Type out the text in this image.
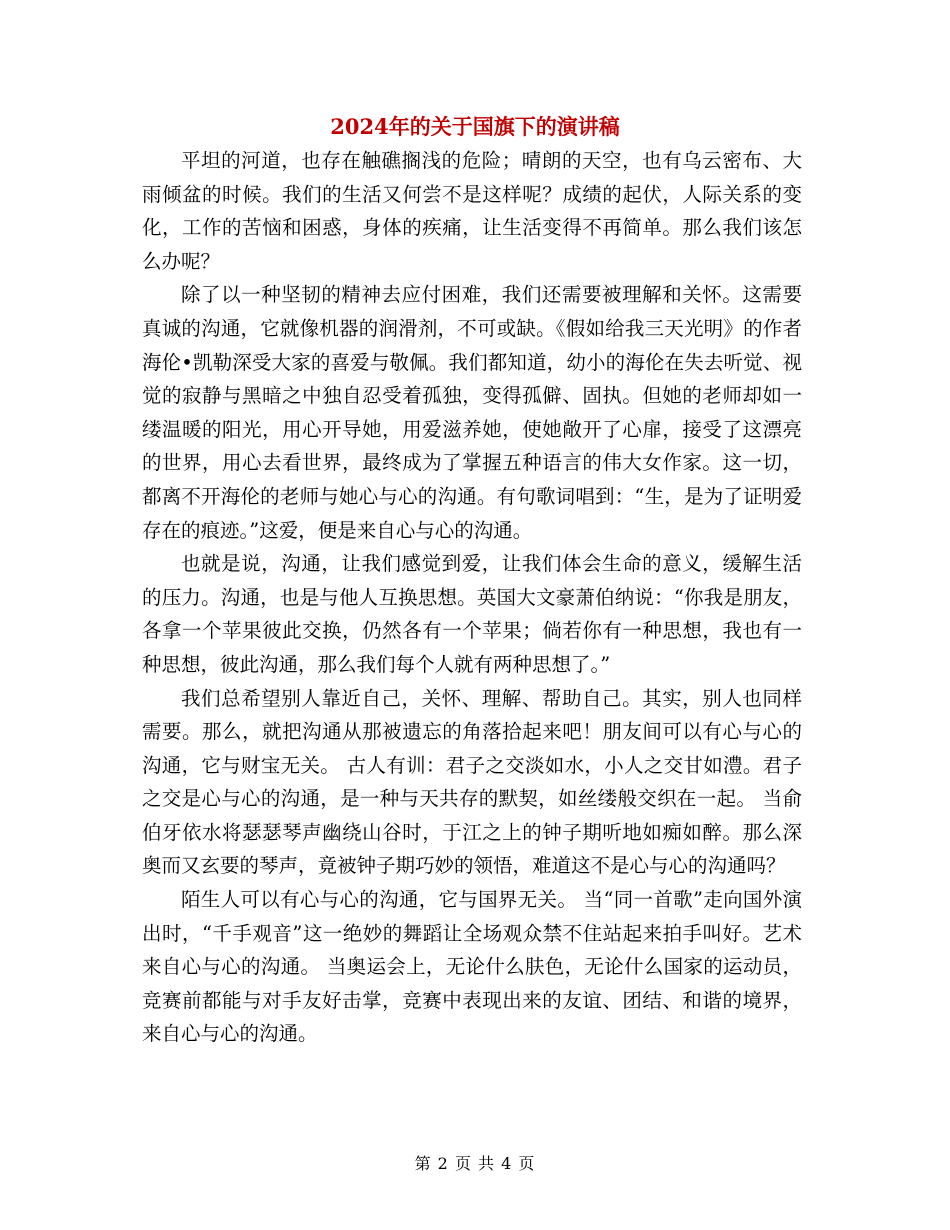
2024年的关于国旗下的演讲稿

平坦的河道，也存在触礁搁浅的危险；晴朗的天空，也有乌云密布、大雨倾盆的时候。我们的生活又何尝不是这样呢？成绩的起伏，人际关系的变化，工作的苦恼和困惑，身体的疾痛，让生活变得不再简单。那么我们该怎么办呢？

除了以一种坚韧的精神去应付困难，我们还需要被理解和关怀。这需要真诚的沟通，它就像机器的润滑剂，不可或缺。《假如给我三天光明》的作者海伦•凯勒深受大家的喜爱与敬佩。我们都知道，幼小的海伦在失去听觉、视觉的寂静与黑暗之中独自忍受着孤独，变得孤僻、固执。但她的老师却如一缕温暖的阳光，用心开导她，用爱滋养她，使她敞开了心扉，接受了这漂亮的世界，用心去看世界，最终成为了掌握五种语言的伟大女作家。这一切，都离不开海伦的老师与她心与心的沟通。有句歌词唱到：“生，是为了证明爱存在的痕迹。”这爱，便是来自心与心的沟通。

也就是说，沟通，让我们感觉到爱，让我们体会生命的意义，缓解生活的压力。沟通，也是与他人互换思想。英国大文豪萧伯纳说：“你我是朋友，各拿一个苹果彼此交换，仍然各有一个苹果；倘若你有一种思想，我也有一种思想，彼此沟通，那么我们每个人就有两种思想了。”

我们总希望别人靠近自己，关怀、理解、帮助自己。其实，别人也同样需要。那么，就把沟通从那被遗忘的角落拾起来吧！朋友间可以有心与心的沟通，它与财宝无关。 古人有训：君子之交淡如水，小人之交甘如澧。君子之交是心与心的沟通，是一种与天共存的默契，如丝缕般交织在一起。 当俞伯牙依水将瑟瑟琴声幽绕山谷时，于江之上的钟子期听地如痴如醉。那么深奥而又玄要的琴声，竟被钟子期巧妙的领悟，难道这不是心与心的沟通吗？

陌生人可以有心与心的沟通，它与国界无关。 当“同一首歌”走向国外演出时，“千手观音”这一绝妙的舞蹈让全场观众禁不住站起来拍手叫好。艺术来自心与心的沟通。 当奥运会上，无论什么肤色，无论什么国家的运动员，竞赛前都能与对手友好击掌，竞赛中表现出来的友谊、团结、和谐的境界，来自心与心的沟通。

第 2 页 共 4 页
